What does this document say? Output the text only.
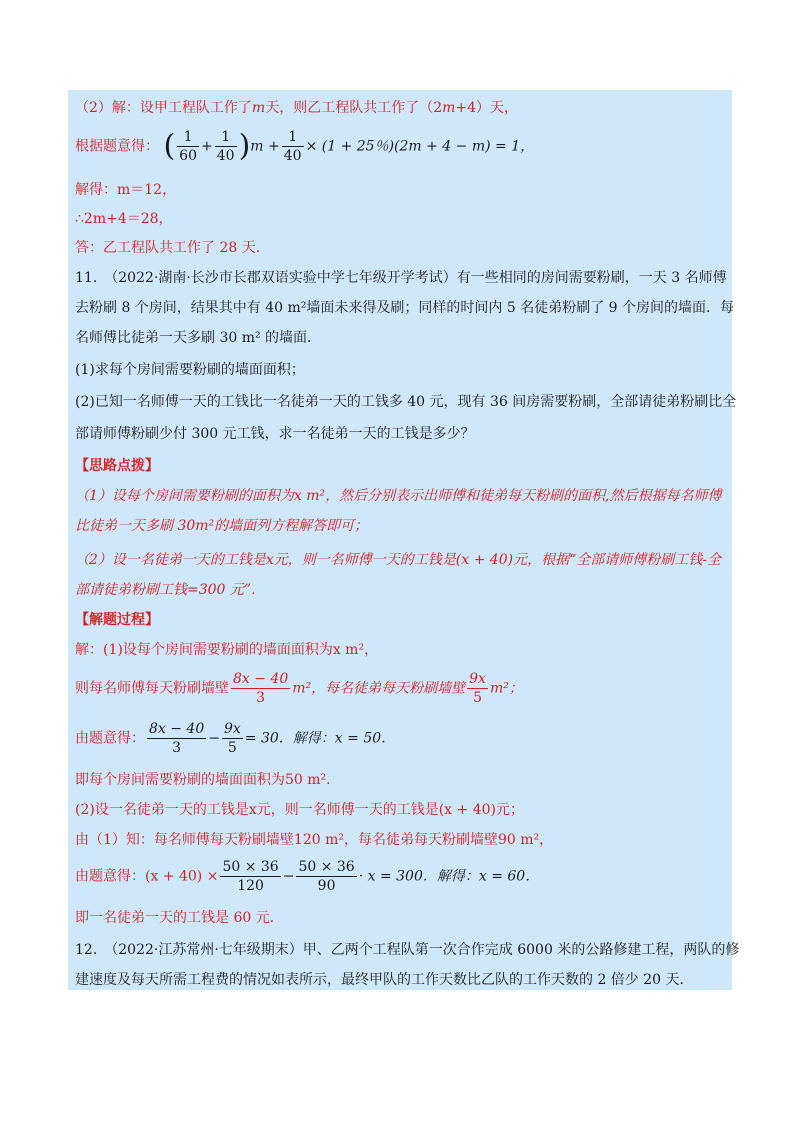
（2）解：设甲工程队工作了m天，则乙工程队共工作了（2m+4）天，
根据题意得： ( $\frac{1}{60} + \frac{1}{40} )m + \frac{1}{40} \times (1 + 25$％)(2m + 4 − m) = 1，
解得：m＝12，
∴2m+4＝28，
答：乙工程队共工作了 28 天．
11.　（2022·湖南·长沙市长郡双语实验中学七年级开学考试）有一些相同的房间需要粉刷，一天 3 名师傅
去粉刷 8 个房间，结果其中有 40 m²墙面未来得及刷；同样的时间内 5 名徒弟粉刷了 9 个房间的墙面．每
名师傅比徒弟一天多刷 30 m² 的墙面．
(1)求每个房间需要粉刷的墙面面积；
(2)已知一名师傅一天的工钱比一名徒弟一天的工钱多 40 元，现有 36 间房需要粉刷，全部请徒弟粉刷比全
部请师傅粉刷少付 300 元工钱，求一名徒弟一天的工钱是多少？
【思路点拨】
（1）设每个房间需要粉刷的面积为x m²，然后分别表示出师傅和徒弟每天粉刷的面积,然后根据每名师傅
比徒弟一天多刷 30m²的墙面列方程解答即可；
（2）设一名徒弟一天的工钱是x元，则一名师傅一天的工钱是(x + 40)元，根据“全部请师傅粉刷工钱-全
部请徒弟粉刷工钱=300 元”．
【解题过程】
解：(1)设每个房间需要粉刷的墙面面积为x m²，
则每名师傅每天粉刷墙壁 $\frac{8x - 40}{3} m^2$，每名徒弟每天粉刷墙壁 $\frac{9x}{5} m^2$；
由题意得： $\frac{8x - 40}{3} - \frac{9x}{5} = 30$．解得：x = 50．
即每个房间需要粉刷的墙面面积为50 m²．
(2)设一名徒弟一天的工钱是x元，则一名师傅一天的工钱是(x + 40)元；
由（1）知：每名师傅每天粉刷墙壁120 m²，每名徒弟每天粉刷墙壁90 m²，
由题意得：$(x + 40) \times \frac{50 \times 36}{120} - \frac{50 \times 36}{90} \cdot x = 300$．解得：x = 60．
即一名徒弟一天的工钱是 60 元．
12.　（2022·江苏常州·七年级期末）甲、乙两个工程队第一次合作完成 6000 米的公路修建工程，两队的修
建速度及每天所需工程费的情况如表所示，最终甲队的工作天数比乙队的工作天数的 2 倍少 20 天．
